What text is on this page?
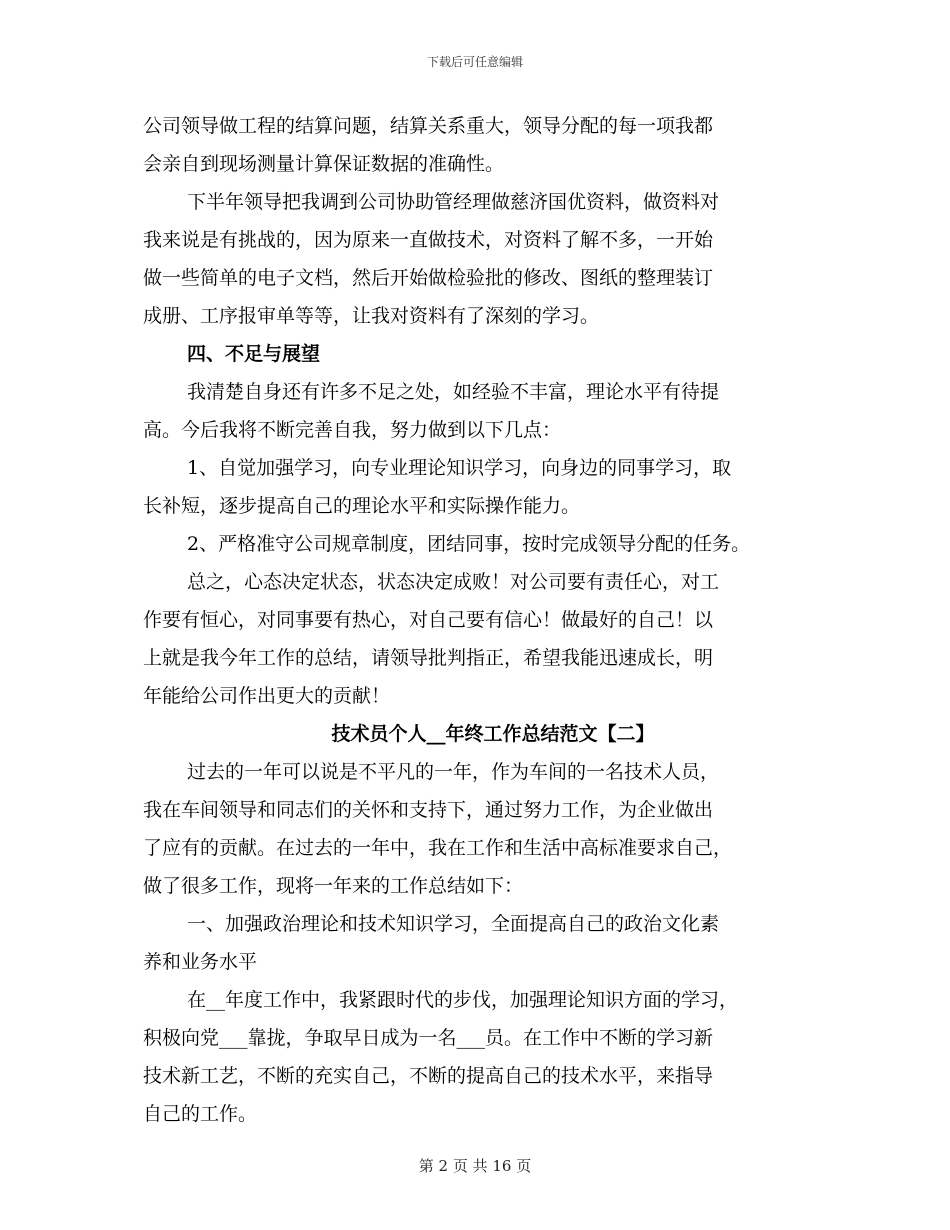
下载后可任意编辑
公司领导做工程的结算问题，结算关系重大，领导分配的每一项我都
会亲自到现场测量计算保证数据的准确性。
下半年领导把我调到公司协助管经理做慈济国优资料，做资料对
我来说是有挑战的，因为原来一直做技术，对资料了解不多，一开始
做一些简单的电子文档，然后开始做检验批的修改、图纸的整理装订
成册、工序报审单等等，让我对资料有了深刻的学习。
四、不足与展望
我清楚自身还有许多不足之处，如经验不丰富，理论水平有待提
高。今后我将不断完善自我，努力做到以下几点：
1、自觉加强学习，向专业理论知识学习，向身边的同事学习，取
长补短，逐步提高自己的理论水平和实际操作能力。
2、严格准守公司规章制度，团结同事，按时完成领导分配的任务。
总之，心态决定状态，状态决定成败！对公司要有责任心，对工
作要有恒心，对同事要有热心，对自己要有信心！做最好的自己！以
上就是我今年工作的总结，请领导批判指正，希望我能迅速成长，明
年能给公司作出更大的贡献！
技术员个人__年终工作总结范文【二】
过去的一年可以说是不平凡的一年，作为车间的一名技术人员，
我在车间领导和同志们的关怀和支持下，通过努力工作，为企业做出
了应有的贡献。在过去的一年中，我在工作和生活中高标准要求自己，
做了很多工作，现将一年来的工作总结如下：
一、加强政治理论和技术知识学习，全面提高自己的政治文化素
养和业务水平
在__年度工作中，我紧跟时代的步伐，加强理论知识方面的学习，
积极向党___靠拢，争取早日成为一名___员。在工作中不断的学习新
技术新工艺，不断的充实自己，不断的提高自己的技术水平，来指导
自己的工作。
第 2 页 共 16 页
